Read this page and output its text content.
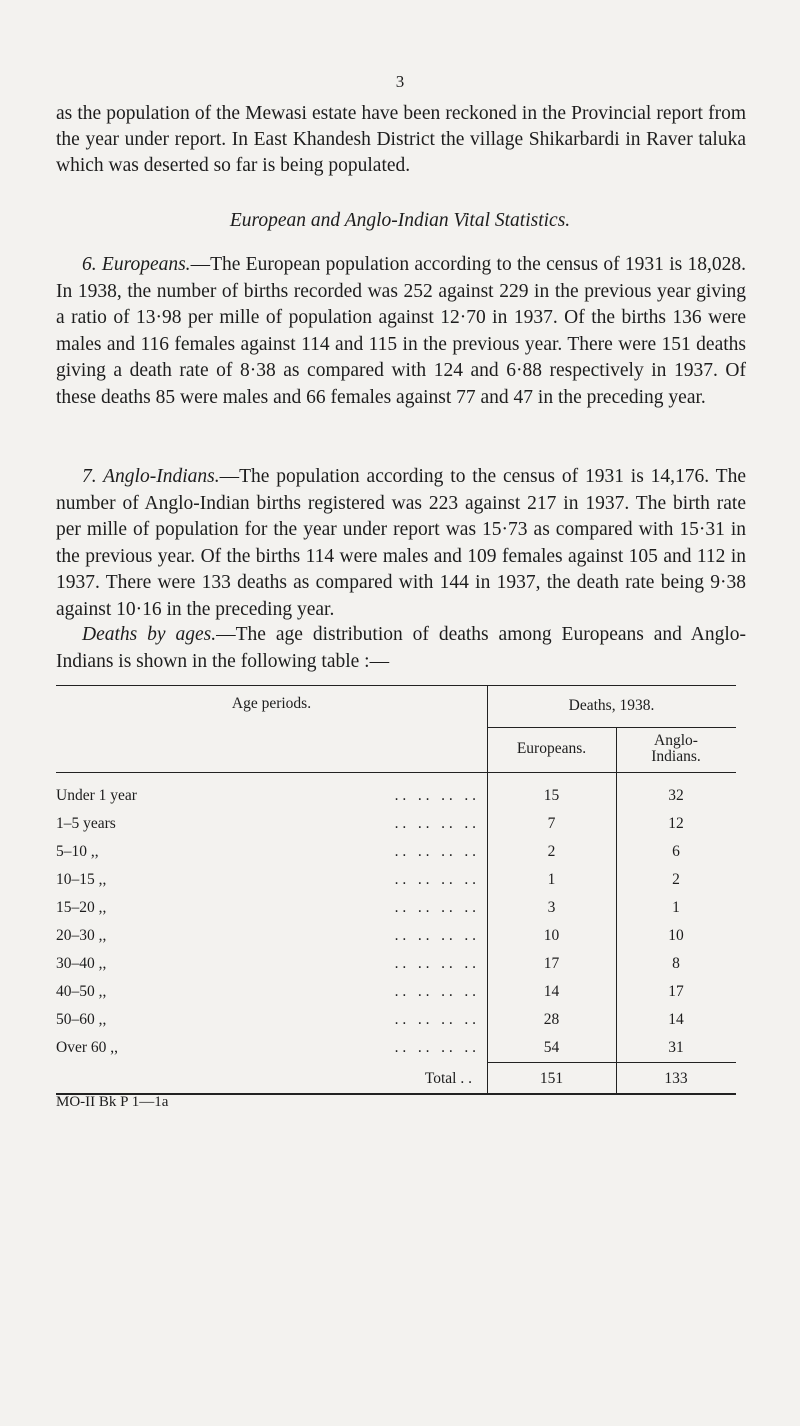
3

as the population of the Mewasi estate have been reckoned in the Provincial report from the year under report. In East Khandesh District the village Shikarbardi in Raver taluka which was deserted so far is being populated.

European and Anglo-Indian Vital Statistics.

6. Europeans.—The European population according to the census of 1931 is 18,028. In 1938, the number of births recorded was 252 against 229 in the previous year giving a ratio of 13·98 per mille of population against 12·70 in 1937. Of the births 136 were males and 116 females against 114 and 115 in the previous year. There were 151 deaths giving a death rate of 8·38 as compared with 124 and 6·88 respectively in 1937. Of these deaths 85 were males and 66 females against 77 and 47 in the preceding year.

7. Anglo-Indians.—The population according to the census of 1931 is 14,176. The number of Anglo-Indian births registered was 223 against 217 in 1937. The birth rate per mille of population for the year under report was 15·73 as compared with 15·31 in the previous year. Of the births 114 were males and 109 females against 105 and 112 in 1937. There were 133 deaths as compared with 144 in 1937, the death rate being 9·38 against 10·16 in the preceding year.

Deaths by ages.—The age distribution of deaths among Europeans and Anglo-Indians is shown in the following table :—

Age periods.	Deaths, 1938.
Europeans.	Anglo-
Indians.
Under 1 year	. .   . .   . .   . .	15	32
1–5 years	. .   . .   . .   . .	7	12
5–10 ,,	. .   . .   . .   . .	2	6
10–15 ,,	. .   . .   . .   . .	1	2
15–20 ,,	. .   . .   . .   . .	3	1
20–30 ,,	. .   . .   . .   . .	10	10
30–40 ,,	. .   . .   . .   . .	17	8
40–50 ,,	. .   . .   . .   . .	14	17
50–60 ,,	. .   . .   . .   . .	28	14
Over 60 ,,	. .   . .   . .   . .	54	31
Total . .	151	133
MO-II Bk P 1—1a
